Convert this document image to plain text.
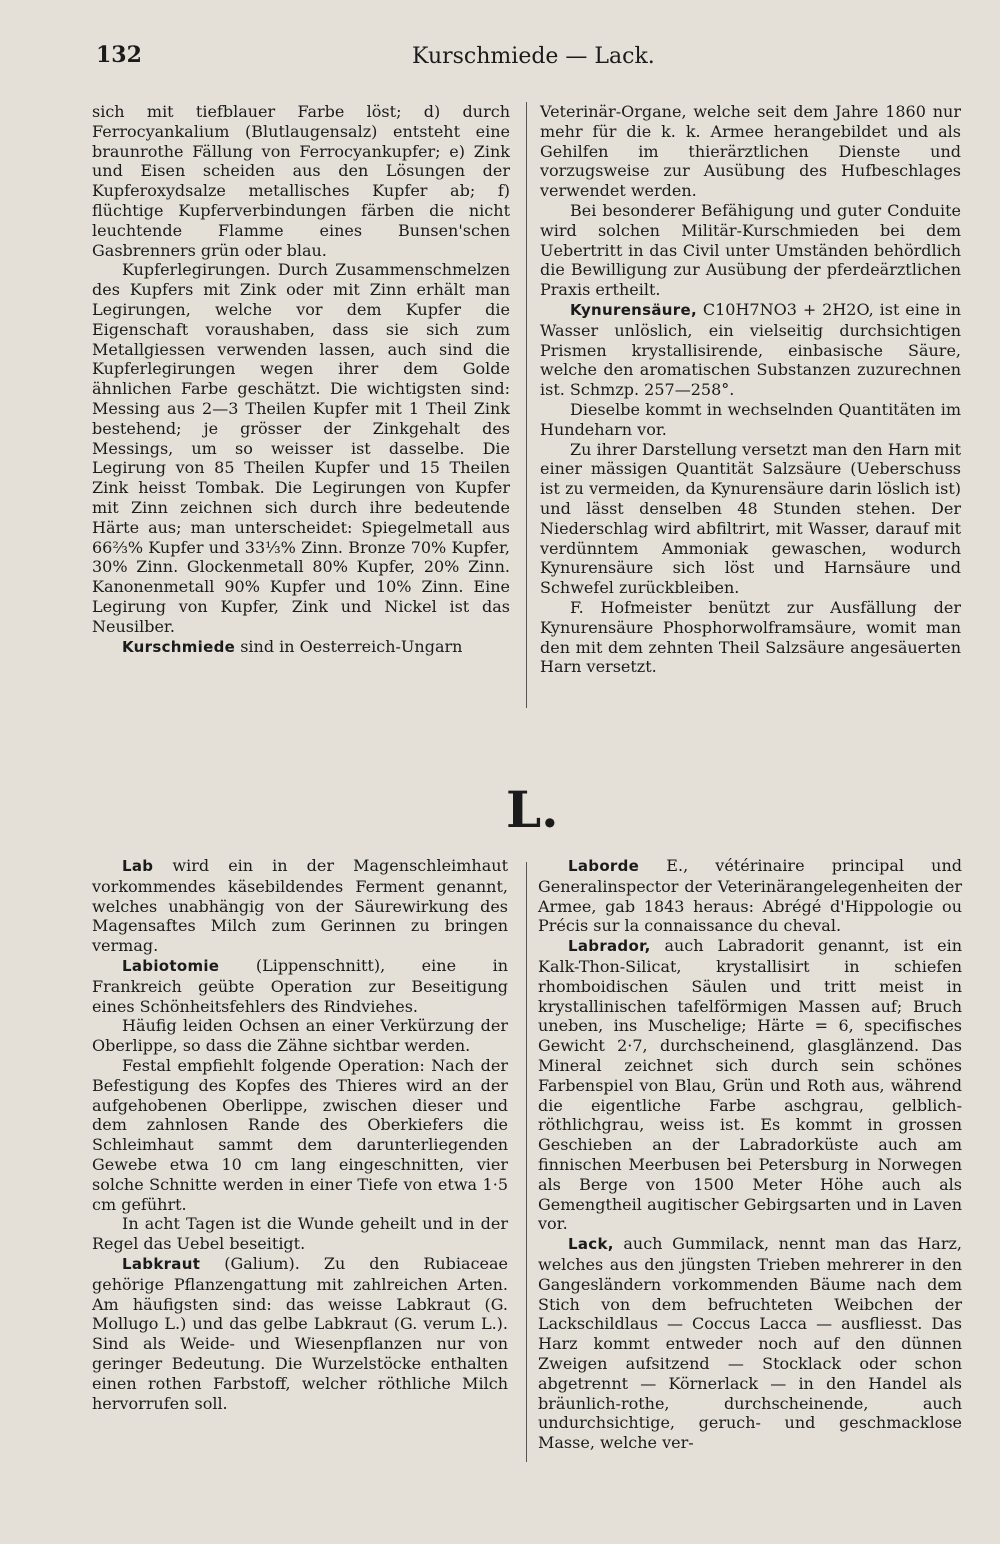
132	Kurschmiede — Lack.

sich mit tiefblauer Farbe löst; d) durch Ferrocyankalium (Blutlaugensalz) entsteht eine braunrothe Fällung von Ferrocyankupfer; e) Zink und Eisen scheiden aus den Lösungen der Kupferoxydsalze metallisches Kupfer ab; f) flüchtige Kupferverbindungen färben die nicht leuchtende Flamme eines Bunsen'schen Gasbrenners grün oder blau.

Kupferlegirungen. Durch Zusammenschmelzen des Kupfers mit Zink oder mit Zinn erhält man Legirungen, welche vor dem Kupfer die Eigenschaft voraushaben, dass sie sich zum Metallgiessen verwenden lassen, auch sind die Kupferlegirungen wegen ihrer dem Golde ähnlichen Farbe geschätzt. Die wichtigsten sind: Messing aus 2—3 Theilen Kupfer mit 1 Theil Zink bestehend; je grösser der Zinkgehalt des Messings, um so weisser ist dasselbe. Die Legirung von 85 Theilen Kupfer und 15 Theilen Zink heisst Tombak. Die Legirungen von Kupfer mit Zinn zeichnen sich durch ihre bedeutende Härte aus; man unterscheidet: Spiegelmetall aus 66⅔% Kupfer und 33⅓% Zinn. Bronze 70% Kupfer, 30% Zinn. Glockenmetall 80% Kupfer, 20% Zinn. Kanonenmetall 90% Kupfer und 10% Zinn. Eine Legirung von Kupfer, Zink und Nickel ist das Neusilber.

Kurschmiede sind in Oesterreich-Ungarn

Veterinär-Organe, welche seit dem Jahre 1860 nur mehr für die k. k. Armee herangebildet und als Gehilfen im thierärztlichen Dienste und vorzugsweise zur Ausübung des Hufbeschlages verwendet werden.

Bei besonderer Befähigung und guter Conduite wird solchen Militär-Kurschmieden bei dem Uebertritt in das Civil unter Umständen behördlich die Bewilligung zur Ausübung der pferdeärztlichen Praxis ertheilt.

Kynurensäure, C10H7NO3 + 2H2O, ist eine in Wasser unlöslich, ein vielseitig durchsichtigen Prismen krystallisirende, einbasische Säure, welche den aromatischen Substanzen zuzurechnen ist. Schmzp. 257—258°.

Dieselbe kommt in wechselnden Quantitäten im Hundeharn vor.

Zu ihrer Darstellung versetzt man den Harn mit einer mässigen Quantität Salzsäure (Ueberschuss ist zu vermeiden, da Kynurensäure darin löslich ist) und lässt denselben 48 Stunden stehen. Der Niederschlag wird abfiltrirt, mit Wasser, darauf mit verdünntem Ammoniak gewaschen, wodurch Kynurensäure sich löst und Harnsäure und Schwefel zurückbleiben.

F. Hofmeister benützt zur Ausfällung der Kynurensäure Phosphorwolframsäure, womit man den mit dem zehnten Theil Salzsäure angesäuerten Harn versetzt.

L.

Lab wird ein in der Magenschleimhaut vorkommendes käsebildendes Ferment genannt, welches unabhängig von der Säurewirkung des Magensaftes Milch zum Gerinnen zu bringen vermag.

Labiotomie (Lippenschnitt), eine in Frankreich geübte Operation zur Beseitigung eines Schönheitsfehlers des Rindviehes.

Häufig leiden Ochsen an einer Verkürzung der Oberlippe, so dass die Zähne sichtbar werden.

Festal empfiehlt folgende Operation: Nach der Befestigung des Kopfes des Thieres wird an der aufgehobenen Oberlippe, zwischen dieser und dem zahnlosen Rande des Oberkiefers die Schleimhaut sammt dem darunterliegenden Gewebe etwa 10 cm lang eingeschnitten, vier solche Schnitte werden in einer Tiefe von etwa 1·5 cm geführt.

In acht Tagen ist die Wunde geheilt und in der Regel das Uebel beseitigt.

Labkraut (Galium). Zu den Rubiaceae gehörige Pflanzengattung mit zahlreichen Arten. Am häufigsten sind: das weisse Labkraut (G. Mollugo L.) und das gelbe Labkraut (G. verum L.). Sind als Weide- und Wiesenpflanzen nur von geringer Bedeutung. Die Wurzelstöcke enthalten einen rothen Farbstoff, welcher röthliche Milch hervorrufen soll.

Laborde E., vétérinaire principal und Generalinspector der Veterinärangelegenheiten der Armee, gab 1843 heraus: Abrégé d'Hippologie ou Précis sur la connaissance du cheval.

Labrador, auch Labradorit genannt, ist ein Kalk-Thon-Silicat, krystallisirt in schiefen rhomboidischen Säulen und tritt meist in krystallinischen tafelförmigen Massen auf; Bruch uneben, ins Muschelige; Härte = 6, specifisches Gewicht 2·7, durchscheinend, glasglänzend. Das Mineral zeichnet sich durch sein schönes Farbenspiel von Blau, Grün und Roth aus, während die eigentliche Farbe aschgrau, gelblich-röthlichgrau, weiss ist. Es kommt in grossen Geschieben an der Labradorküste auch am finnischen Meerbusen bei Petersburg in Norwegen als Berge von 1500 Meter Höhe auch als Gemengtheil augitischer Gebirgsarten und in Laven vor.

Lack, auch Gummilack, nennt man das Harz, welches aus den jüngsten Trieben mehrerer in den Gangesländern vorkommenden Bäume nach dem Stich von dem befruchteten Weibchen der Lackschildlaus — Coccus Lacca — ausfliesst. Das Harz kommt entweder noch auf den dünnen Zweigen aufsitzend — Stocklack oder schon abgetrennt — Körnerlack — in den Handel als bräunlich-rothe, durchscheinende, auch undurchsichtige, geruch- und geschmacklose Masse, welche ver-
